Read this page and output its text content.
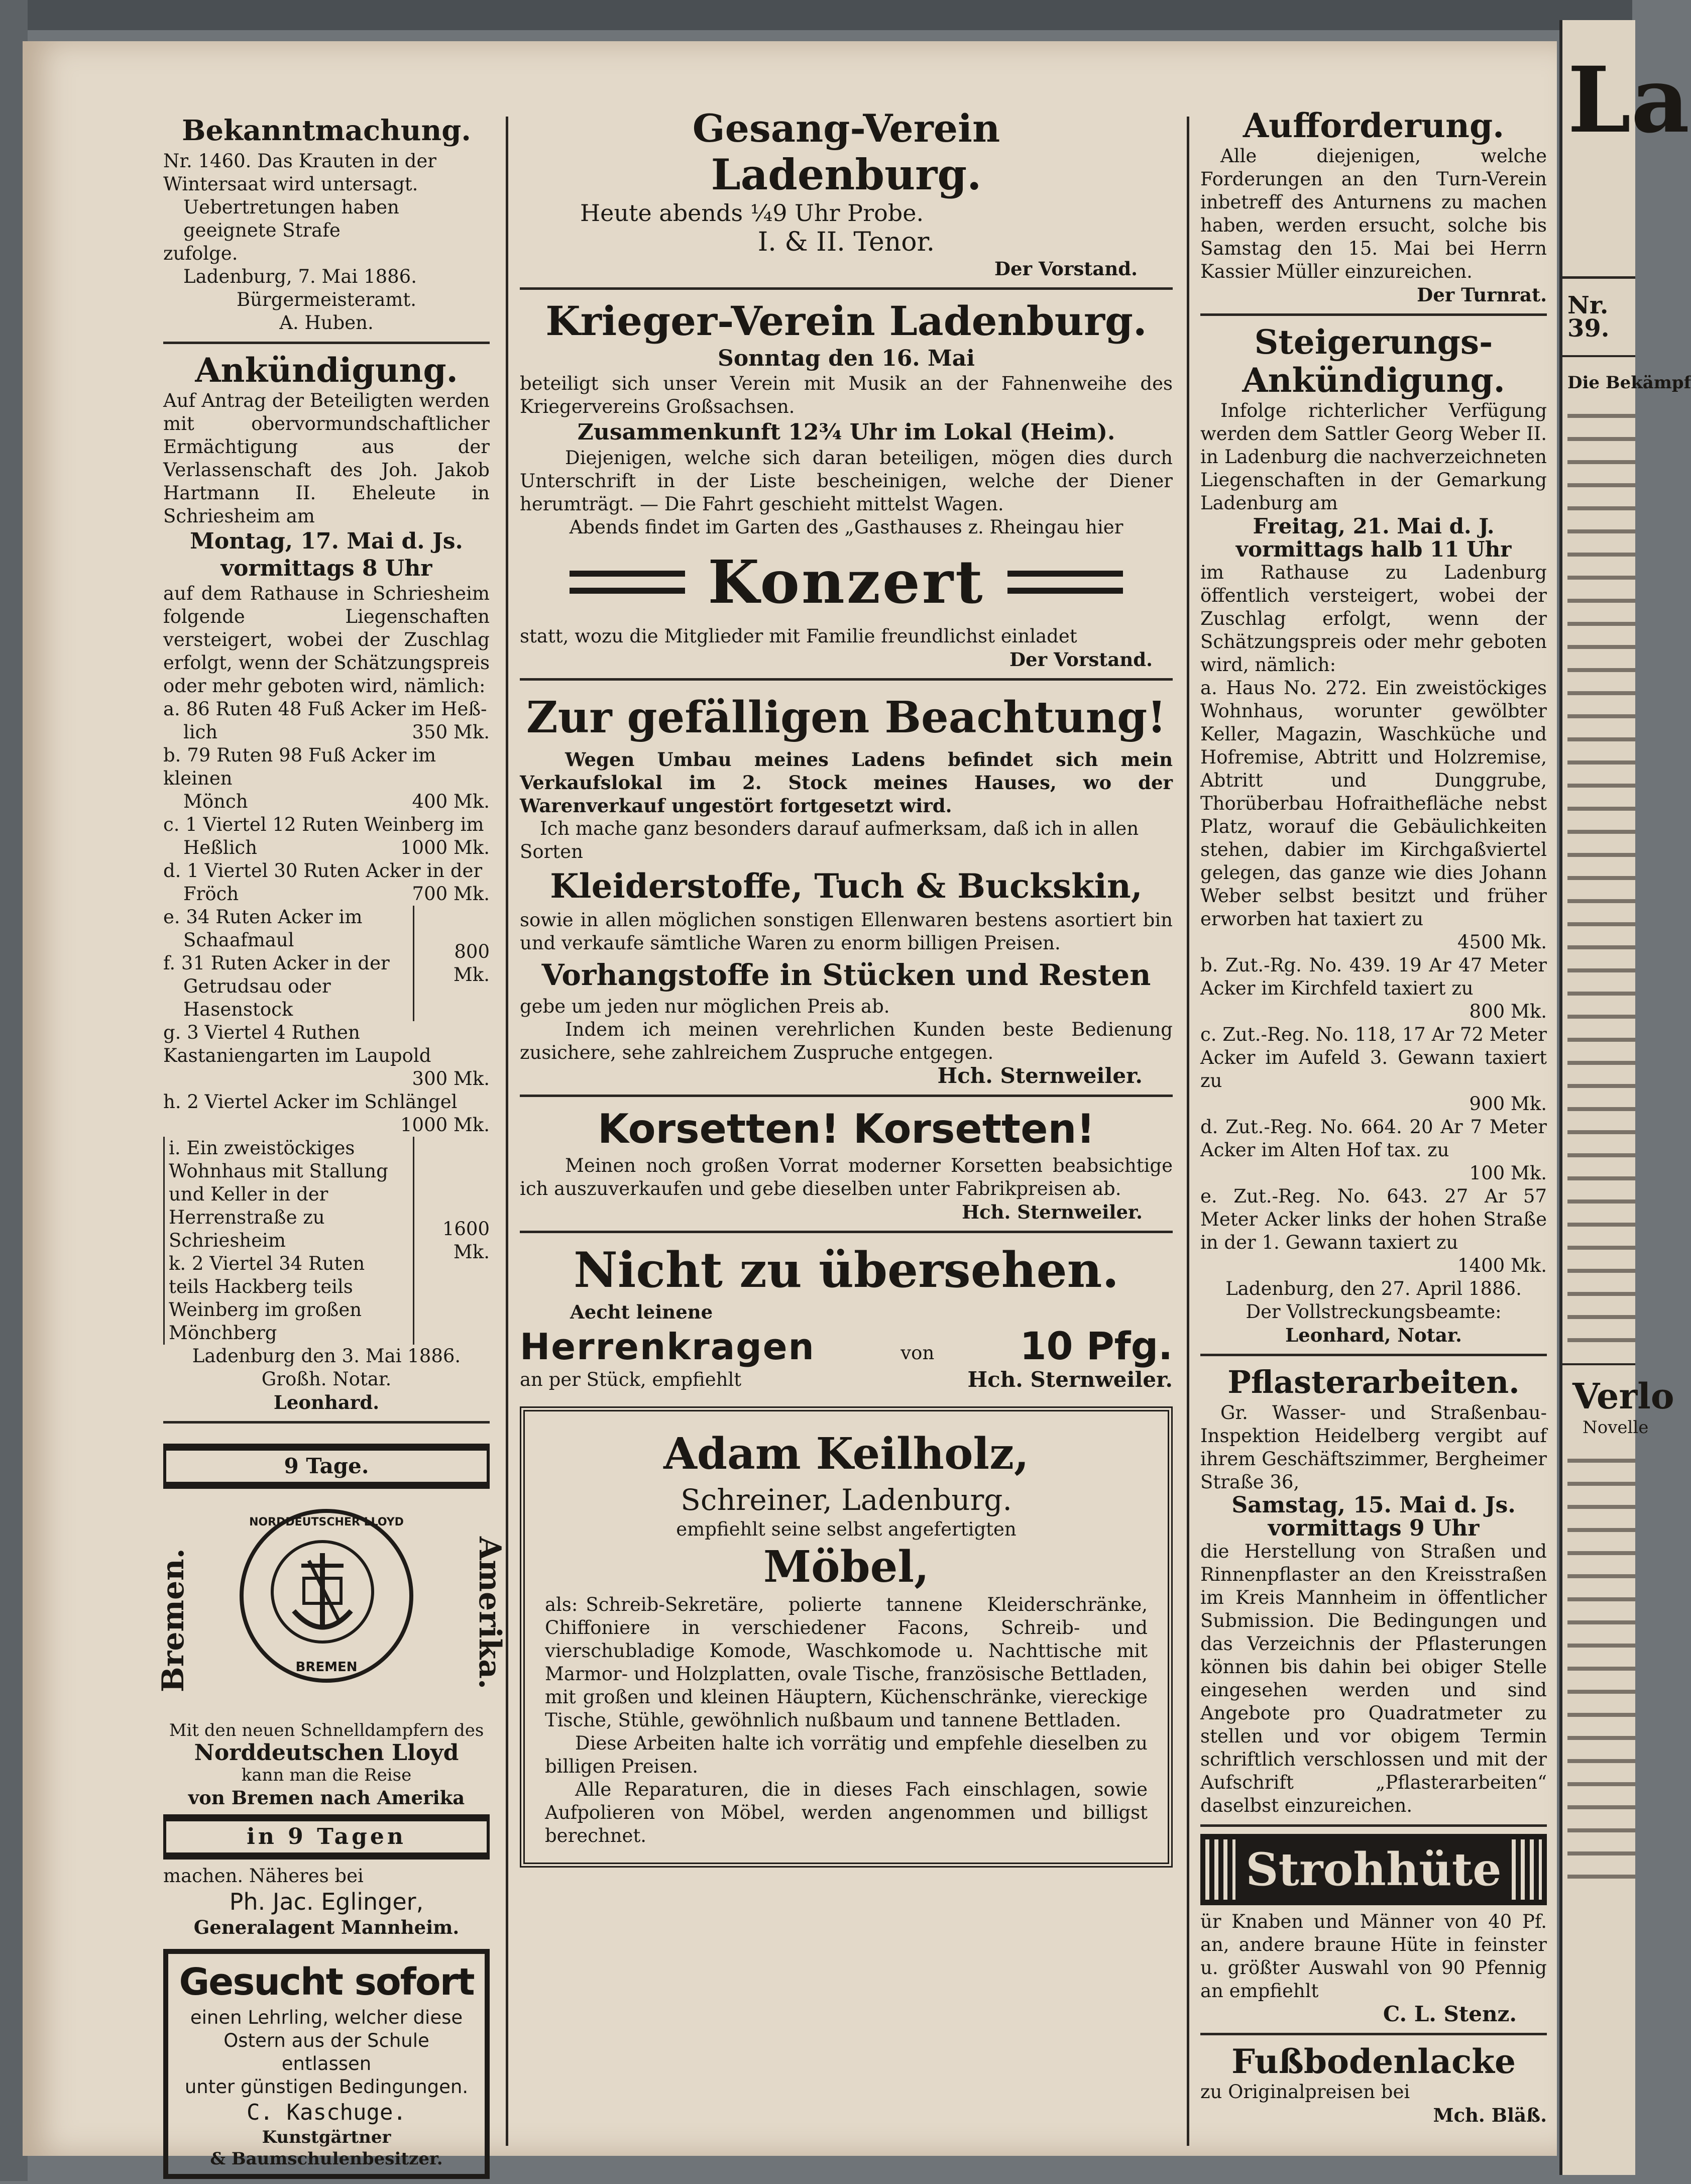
Bekanntmachung.
Nr. 1460. Das Krauten in der
Wintersaat wird untersagt.
Uebertretungen haben geeignete Strafe
zufolge.
Ladenburg, 7. Mai 1886.
Bürgermeisteramt.
A. Huben.
Ankündigung.
Auf Antrag der Beteiligten werden mit obervormundschaftlicher Ermächtigung aus der Verlassenschaft des Joh. Jakob Hartmann II. Eheleute in Schriesheim am
Montag, 17. Mai d. Js.
vormittags 8 Uhr
auf dem Rathause in Schriesheim folgende Liegenschaften versteigert, wobei der Zuschlag erfolgt, wenn der Schätzungspreis oder mehr geboten wird, nämlich:
a. 86 Ruten 48 Fuß Acker im Heß-
lich	350 Mk.
b. 79 Ruten 98 Fuß Acker im kleinen
Mönch	400 Mk.
c. 1 Viertel 12 Ruten Weinberg im
Heßlich	1000 Mk.
d. 1 Viertel 30 Ruten Acker in der
Fröch	700 Mk.
e. 34 Ruten Acker im
Schaafmaul
f. 31 Ruten Acker in der
Getrudsau oder Hasenstock
800 Mk.
g. 3 Viertel 4 Ruthen Kastaniengarten im Laupold
300 Mk.
h. 2 Viertel Acker im Schlängel
1000 Mk.
i. Ein zweistöckiges Wohnhaus mit Stallung und Keller in der Herrenstraße zu Schriesheim
k. 2 Viertel 34 Ruten teils Hackberg teils Weinberg im großen Mönchberg
1600 Mk.
Ladenburg den 3. Mai 1886.
Großh. Notar.
Leonhard.
9 Tage.
Bremen.	Amerika.
NORDDEUTSCHER LLOYD
BREMEN
Mit den neuen Schnelldampfern des
Norddeutschen Lloyd
kann man die Reise
von Bremen nach Amerika
in 9 Tagen
machen. Näheres bei
Ph. Jac. Eglinger,
Generalagent Mannheim.
Gesucht sofort
einen Lehrling, welcher diese
Ostern aus der Schule entlassen
unter günstigen Bedingungen.
C. Kaschuge.
Kunstgärtner
& Baumschulenbesitzer.
Gesang-Verein
Ladenburg.
Heute abends ¼9 Uhr Probe.
I. & II. Tenor.
Der Vorstand.
Krieger-Verein Ladenburg.
Sonntag den 16. Mai
beteiligt sich unser Verein mit Musik an der Fahnenweihe des Kriegervereins Großsachsen.
Zusammenkunft 12¾ Uhr im Lokal (Heim).
Diejenigen, welche sich daran beteiligen, mögen dies durch Unterschrift in der Liste bescheinigen, welche der Diener herumträgt. — Die Fahrt geschieht mittelst Wagen.
Abends findet im Garten des „Gasthauses z. Rheingau hier
Konzert
statt, wozu die Mitglieder mit Familie freundlichst einladet
Der Vorstand.
Zur gefälligen Beachtung!
Wegen Umbau meines Ladens befindet sich mein Verkaufslokal im 2. Stock meines Hauses, wo der Warenverkauf ungestört fortgesetzt wird.
Ich mache ganz besonders darauf aufmerksam, daß ich in allen Sorten
Kleiderstoffe, Tuch & Buckskin,
sowie in allen möglichen sonstigen Ellenwaren bestens asortiert bin und verkaufe sämtliche Waren zu enorm billigen Preisen.
Vorhangstoffe in Stücken und Resten
gebe um jeden nur möglichen Preis ab.
Indem ich meinen verehrlichen Kunden beste Bedienung zusichere, sehe zahlreichem Zuspruche entgegen.
Hch. Sternweiler.
Korsetten! Korsetten!
Meinen noch großen Vorrat moderner Korsetten beabsichtige ich auszuverkaufen und gebe dieselben unter Fabrikpreisen ab.
Hch. Sternweiler.
Nicht zu übersehen.
Aecht leinene
Herrenkragen	von 10 Pfg.
an per Stück, empfiehlt	Hch. Sternweiler.
Adam Keilholz,
Schreiner, Ladenburg.
empfiehlt seine selbst angefertigten
Möbel,
als: Schreib-Sekretäre, polierte tannene Kleiderschränke, Chiffoniere in verschiedener Facons, Schreib- und vierschubladige Komode, Waschkomode u. Nachttische mit Marmor- und Holzplatten, ovale Tische, französische Bettladen, mit großen und kleinen Häuptern, Küchenschränke, viereckige Tische, Stühle, gewöhnlich nußbaum und tannene Bettladen.
Diese Arbeiten halte ich vorrätig und empfehle dieselben zu billigen Preisen.
Alle Reparaturen, die in dieses Fach einschlagen, sowie Aufpolieren von Möbel, werden angenommen und billigst berechnet.
Aufforderung.
Alle diejenigen, welche Forderungen an den Turn-Verein inbetreff des Anturnens zu machen haben, werden ersucht, solche bis Samstag den 15. Mai bei Herrn Kassier Müller einzureichen.
Der Turnrat.
Steigerungs-
Ankündigung.
Infolge richterlicher Verfügung werden dem Sattler Georg Weber II. in Ladenburg die nachverzeichneten Liegenschaften in der Gemarkung Ladenburg am
Freitag, 21. Mai d. J.
vormittags halb 11 Uhr
im Rathause zu Ladenburg öffentlich versteigert, wobei der Zuschlag erfolgt, wenn der Schätzungspreis oder mehr geboten wird, nämlich:
a. Haus No. 272. Ein zweistöckiges Wohnhaus, worunter gewölbter Keller, Magazin, Waschküche und Hofremise, Abtritt und Holzremise, Abtritt und Dunggrube, Thorüberbau Hofraithefläche nebst Platz, worauf die Gebäulichkeiten stehen, dabier im Kirchgaßviertel gelegen, das ganze wie dies Johann Weber selbst besitzt und früher erworben hat taxiert zu
4500 Mk.
b. Zut.-Rg. No. 439. 19 Ar 47 Meter Acker im Kirchfeld taxiert zu
800 Mk.
c. Zut.-Reg. No. 118, 17 Ar 72 Meter Acker im Aufeld 3. Gewann taxiert zu
900 Mk.
d. Zut.-Reg. No. 664. 20 Ar 7 Meter Acker im Alten Hof tax. zu
100 Mk.
e. Zut.-Reg. No. 643. 27 Ar 57 Meter Acker links der hohen Straße in der 1. Gewann taxiert zu
1400 Mk.
Ladenburg, den 27. April 1886.
Der Vollstreckungsbeamte:
Leonhard, Notar.
Pflasterarbeiten.
Gr. Wasser- und Straßenbau-Inspektion Heidelberg vergibt auf ihrem Geschäftszimmer, Bergheimer Straße 36,
Samstag, 15. Mai d. Js.
vormittags 9 Uhr
die Herstellung von Straßen und Rinnenpflaster an den Kreisstraßen im Kreis Mannheim in öffentlicher Submission. Die Bedingungen und das Verzeichnis der Pflasterungen können bis dahin bei obiger Stelle eingesehen werden und sind Angebote pro Quadratmeter zu stellen und vor obigem Termin schriftlich verschlossen und mit der Aufschrift „Pflasterarbeiten“ daselbst einzureichen.
Strohhüte
ür Knaben und Männer von 40 Pf. an, andere braune Hüte in feinster u. größter Auswahl von 90 Pfennig an empfiehlt
C. L. Stenz.
Fußbodenlacke
zu Originalpreisen bei
Mch. Bläß.
La
Nr. 39.
Die Bekämpf
Verlo
Novelle
